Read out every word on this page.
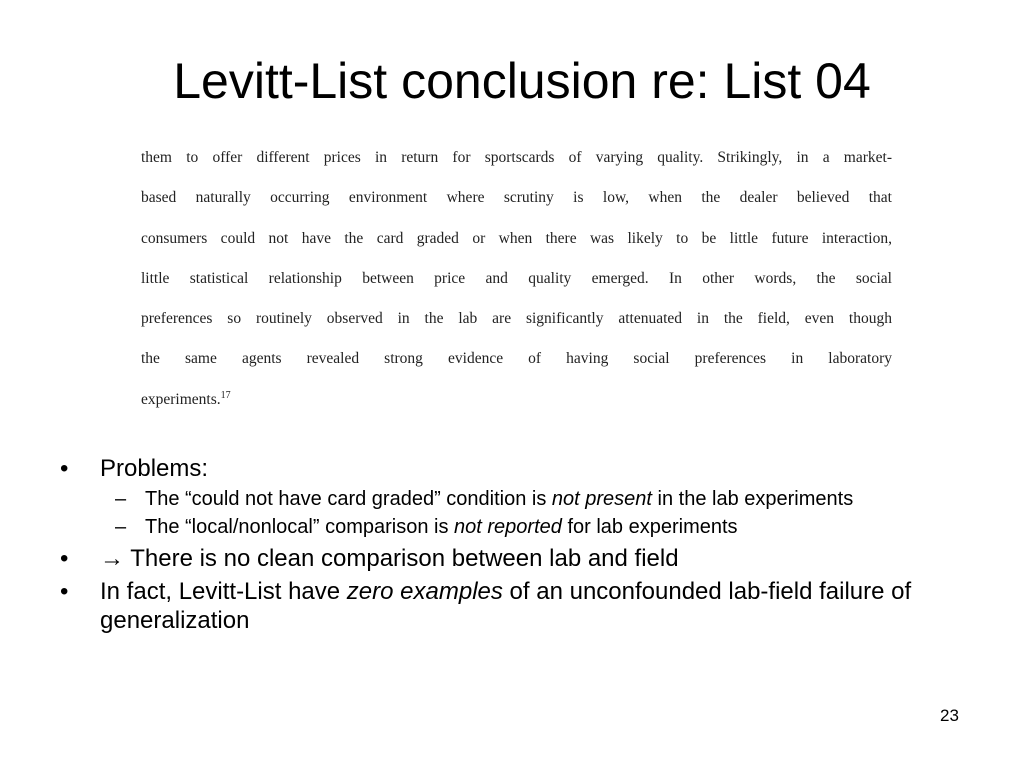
Levitt-List conclusion re: List 04
them to offer different prices in return for sportscards of varying quality. Strikingly, in a market-
based naturally occurring environment where scrutiny is low, when the dealer believed that
consumers could not have the card graded or when there was likely to be little future interaction,
little statistical relationship between price and quality emerged. In other words, the social
preferences so routinely observed in the lab are significantly attenuated in the field, even though
the same agents revealed strong evidence of having social preferences in laboratory
experiments.$^{17}$
• Problems:
– The “could not have card graded” condition is not present in the lab experiments
– The “local/nonlocal” comparison is not reported for lab experiments
• → There is no clean comparison between lab and field
• In fact, Levitt-List have zero examples of an unconfounded lab-field failure of generalization
23
